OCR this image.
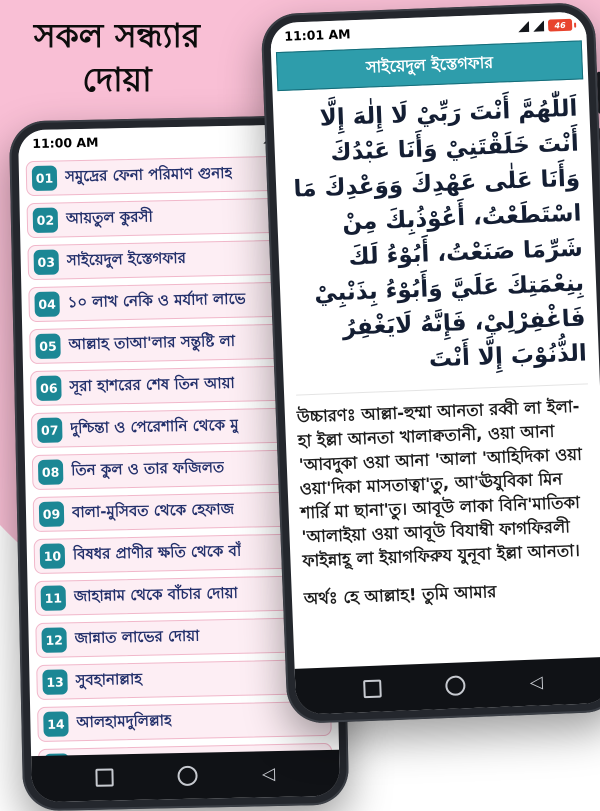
সকল সন্ধ্যার
দোয়া
11:00 AM
01 সমুদ্রের ফেনা পরিমাণ গুনাহ
02 আয়তুল কুরসী
03 সাইয়েদুল ইস্তেগফার
04 ১০ লাখ নেকি ও মর্যাদা লাভে
05 আল্লাহ তাআ'লার সন্তুষ্টি লা
06 সূরা হাশরের শেষ তিন আয়া
07 দুশ্চিন্তা ও পেরেশানি থেকে মু
08 তিন কুল ও তার ফজিলত
09 বালা-মুসিবত থেকে হেফাজ
10 বিষধর প্রাণীর ক্ষতি থেকে বাঁ
11 জাহান্নাম থেকে বাঁচার দোয়া
12 জান্নাত লাভের দোয়া
13 সুবহানাল্লাহ
14 আলহামদুলিল্লাহ
◁
11:01 AM
46
সাইয়েদুল ইস্তেগফার

اَللّٰهُمَّ أَنْتَ رَبِّيْ لَا إِلٰهَ إِلَّا أَنْتَ خَلَقْتَنِيْ وَأَنَا عَبْدُكَ وَأَنَا عَلٰى عَهْدِكَ وَوَعْدِكَ مَا اسْتَطَعْتُ، أَعُوْذُبِكَ مِنْ شَرِّمَا صَنَعْتُ، أَبُوْءُ لَكَ بِنِعْمَتِكَ عَلَيَّ وَأَبُوْءُ بِذَنْبِيْ فَاغْفِرْلِيْ، فَإِنَّهُ لَايَغْفِرُ الذُّنُوْبَ إِلَّا أَنْتَ

উচ্চারণঃ আল্লা-হুম্মা আনতা রব্বী লা ইলা-হা ইল্লা আনতা খালাক্বতানী, ওয়া আনা 'আবদুকা ওয়া আনা 'আলা 'আহিদিকা ওয়া ওয়া'দিকা মাসতাত্বা'তু, আ'ঊযুবিকা মিন শার্রি মা ছানা'তু। আবূউ লাকা বিনি'মাতিকা 'আলাইয়া ওয়া আবূউ বিযাম্বী ফাগফিরলী ফাইন্নাহূ লা ইয়াগফিরুয যুনূবা ইল্লা আনতা।

অর্থঃ হে আল্লাহ! তুমি আমার

◁
